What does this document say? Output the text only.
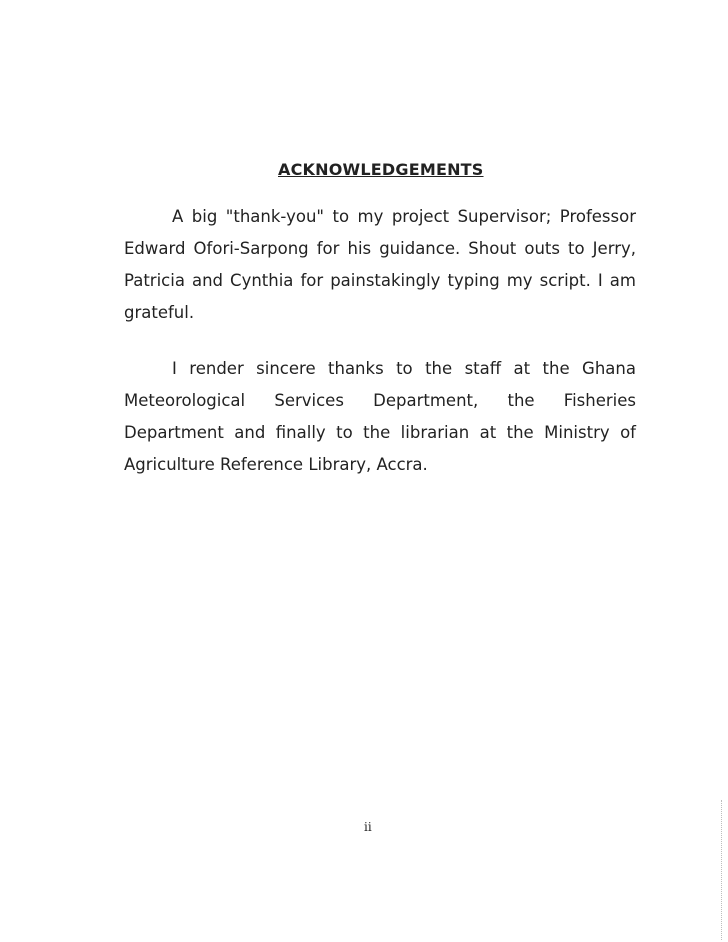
ACKNOWLEDGEMENTS

A big "thank-you" to my project Supervisor; Professor Edward Ofori-Sarpong for his guidance. Shout outs to Jerry, Patricia and Cynthia for painstakingly typing my script. I am grateful.

I render sincere thanks to the staff at the Ghana Meteorological Services Department, the Fisheries Department and finally to the librarian at the Ministry of Agriculture Reference Library, Accra.

ii
